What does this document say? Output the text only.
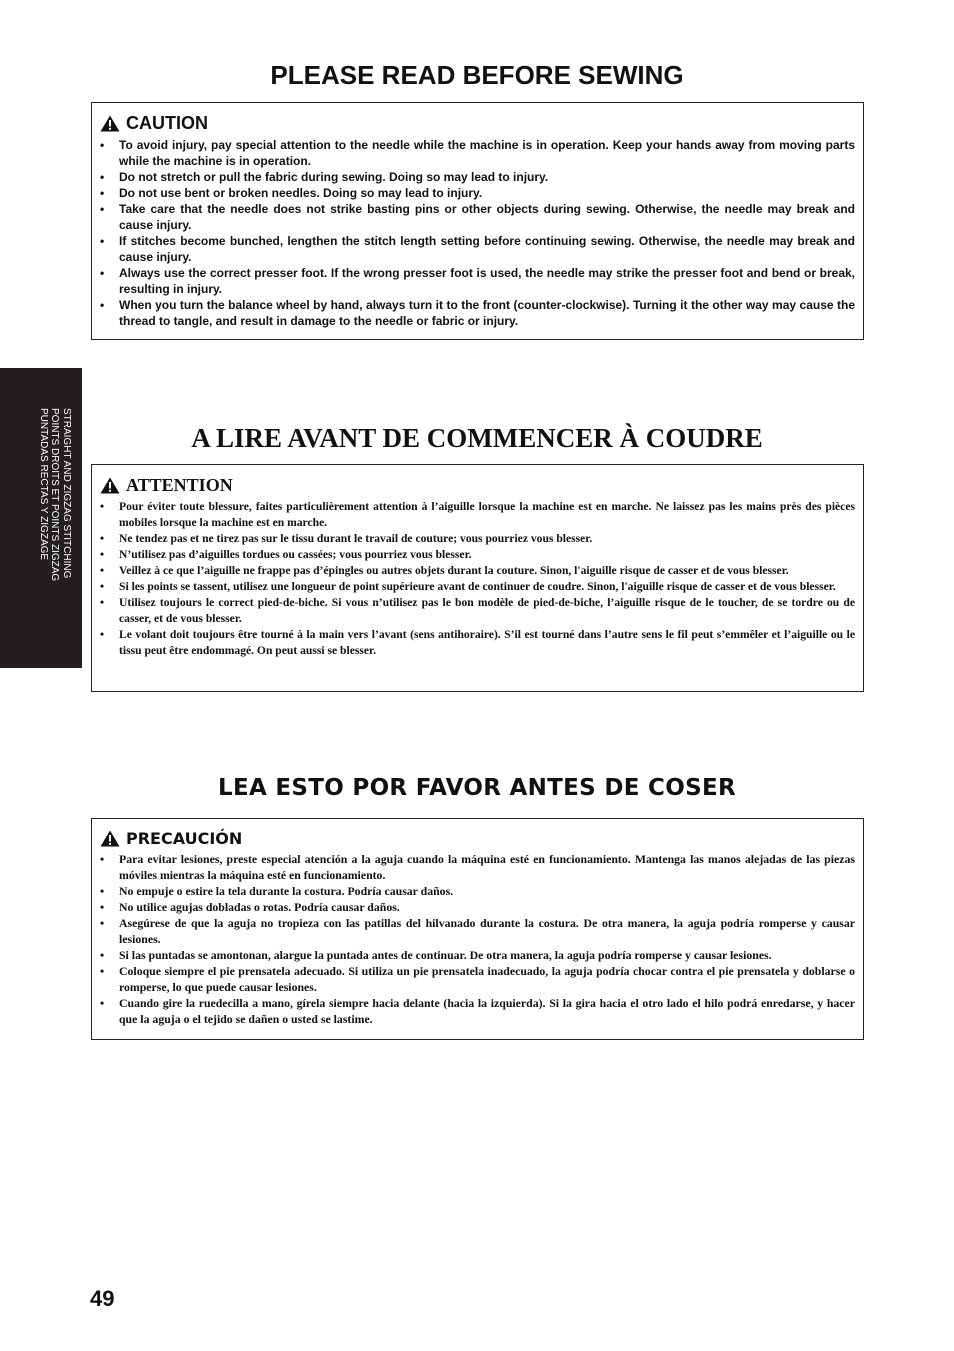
STRAIGHT AND ZIGZAG STITCHING
POINTS DROITS ET POINTS ZIGZAG
PUNTADAS RECTAS Y ZIGZAGE
PLEASE READ BEFORE SEWING
CAUTION
• To avoid injury, pay special attention to the needle while the machine is in operation. Keep your hands away from moving parts while the machine is in operation.
• Do not stretch or pull the fabric during sewing. Doing so may lead to injury.
• Do not use bent or broken needles. Doing so may lead to injury.
• Take care that the needle does not strike basting pins or other objects during sewing. Otherwise, the needle may break and cause injury.
• If stitches become bunched, lengthen the stitch length setting before continuing sewing. Otherwise, the needle may break and cause injury.
• Always use the correct presser foot. If the wrong presser foot is used, the needle may strike the presser foot and bend or break, resulting in injury.
• When you turn the balance wheel by hand, always turn it to the front (counter-clockwise). Turning it the other way may cause the thread to tangle, and result in damage to the needle or fabric or injury.
A LIRE AVANT DE COMMENCER À COUDRE
ATTENTION
• Pour éviter toute blessure, faites particulièrement attention à l’aiguille lorsque la machine est en marche. Ne laissez pas les mains près des pièces mobiles lorsque la machine est en marche.
• Ne tendez pas et ne tirez pas sur le tissu durant le travail de couture; vous pourriez vous blesser.
• N’utilisez pas d’aiguilles tordues ou cassées; vous pourriez vous blesser.
• Veillez à ce que l’aiguille ne frappe pas d’épingles ou autres objets durant la couture. Sinon, l'aiguille risque de casser et de vous blesser.
• Si les points se tassent, utilisez une longueur de point supérieure avant de continuer de coudre. Sinon, l'aiguille risque de casser et de vous blesser.
• Utilisez toujours le correct pied-de-biche. Si vous n’utilisez pas le bon modèle de pied-de-biche, l’aiguille risque de le toucher, de se tordre ou de casser, et de vous blesser.
• Le volant doit toujours être tourné à la main vers l’avant (sens antihoraire). S’il est tourné dans l’autre sens le fil peut s’emmêler et l’aiguille ou le tissu peut être endommagé. On peut aussi se blesser.
LEA ESTO POR FAVOR ANTES DE COSER
PRECAUCIÓN
• Para evitar lesiones, preste especial atención a la aguja cuando la máquina esté en funcionamiento. Mantenga las manos alejadas de las piezas móviles mientras la máquina esté en funcionamiento.
• No empuje o estire la tela durante la costura. Podría causar daños.
• No utilice agujas dobladas o rotas. Podría causar daños.
• Asegúrese de que la aguja no tropieza con las patillas del hilvanado durante la costura. De otra manera, la aguja podría romperse y causar lesiones.
• Si las puntadas se amontonan, alargue la puntada antes de continuar. De otra manera, la aguja podría romperse y causar lesiones.
• Coloque siempre el pie prensatela adecuado. Si utiliza un pie prensatela inadecuado, la aguja podría chocar contra el pie prensatela y doblarse o romperse, lo que puede causar lesiones.
• Cuando gire la ruedecilla a mano, gírela siempre hacia delante (hacia la izquierda). Si la gira hacia el otro lado el hilo podrá enredarse, y hacer que la aguja o el tejido se dañen o usted se lastime.

49
